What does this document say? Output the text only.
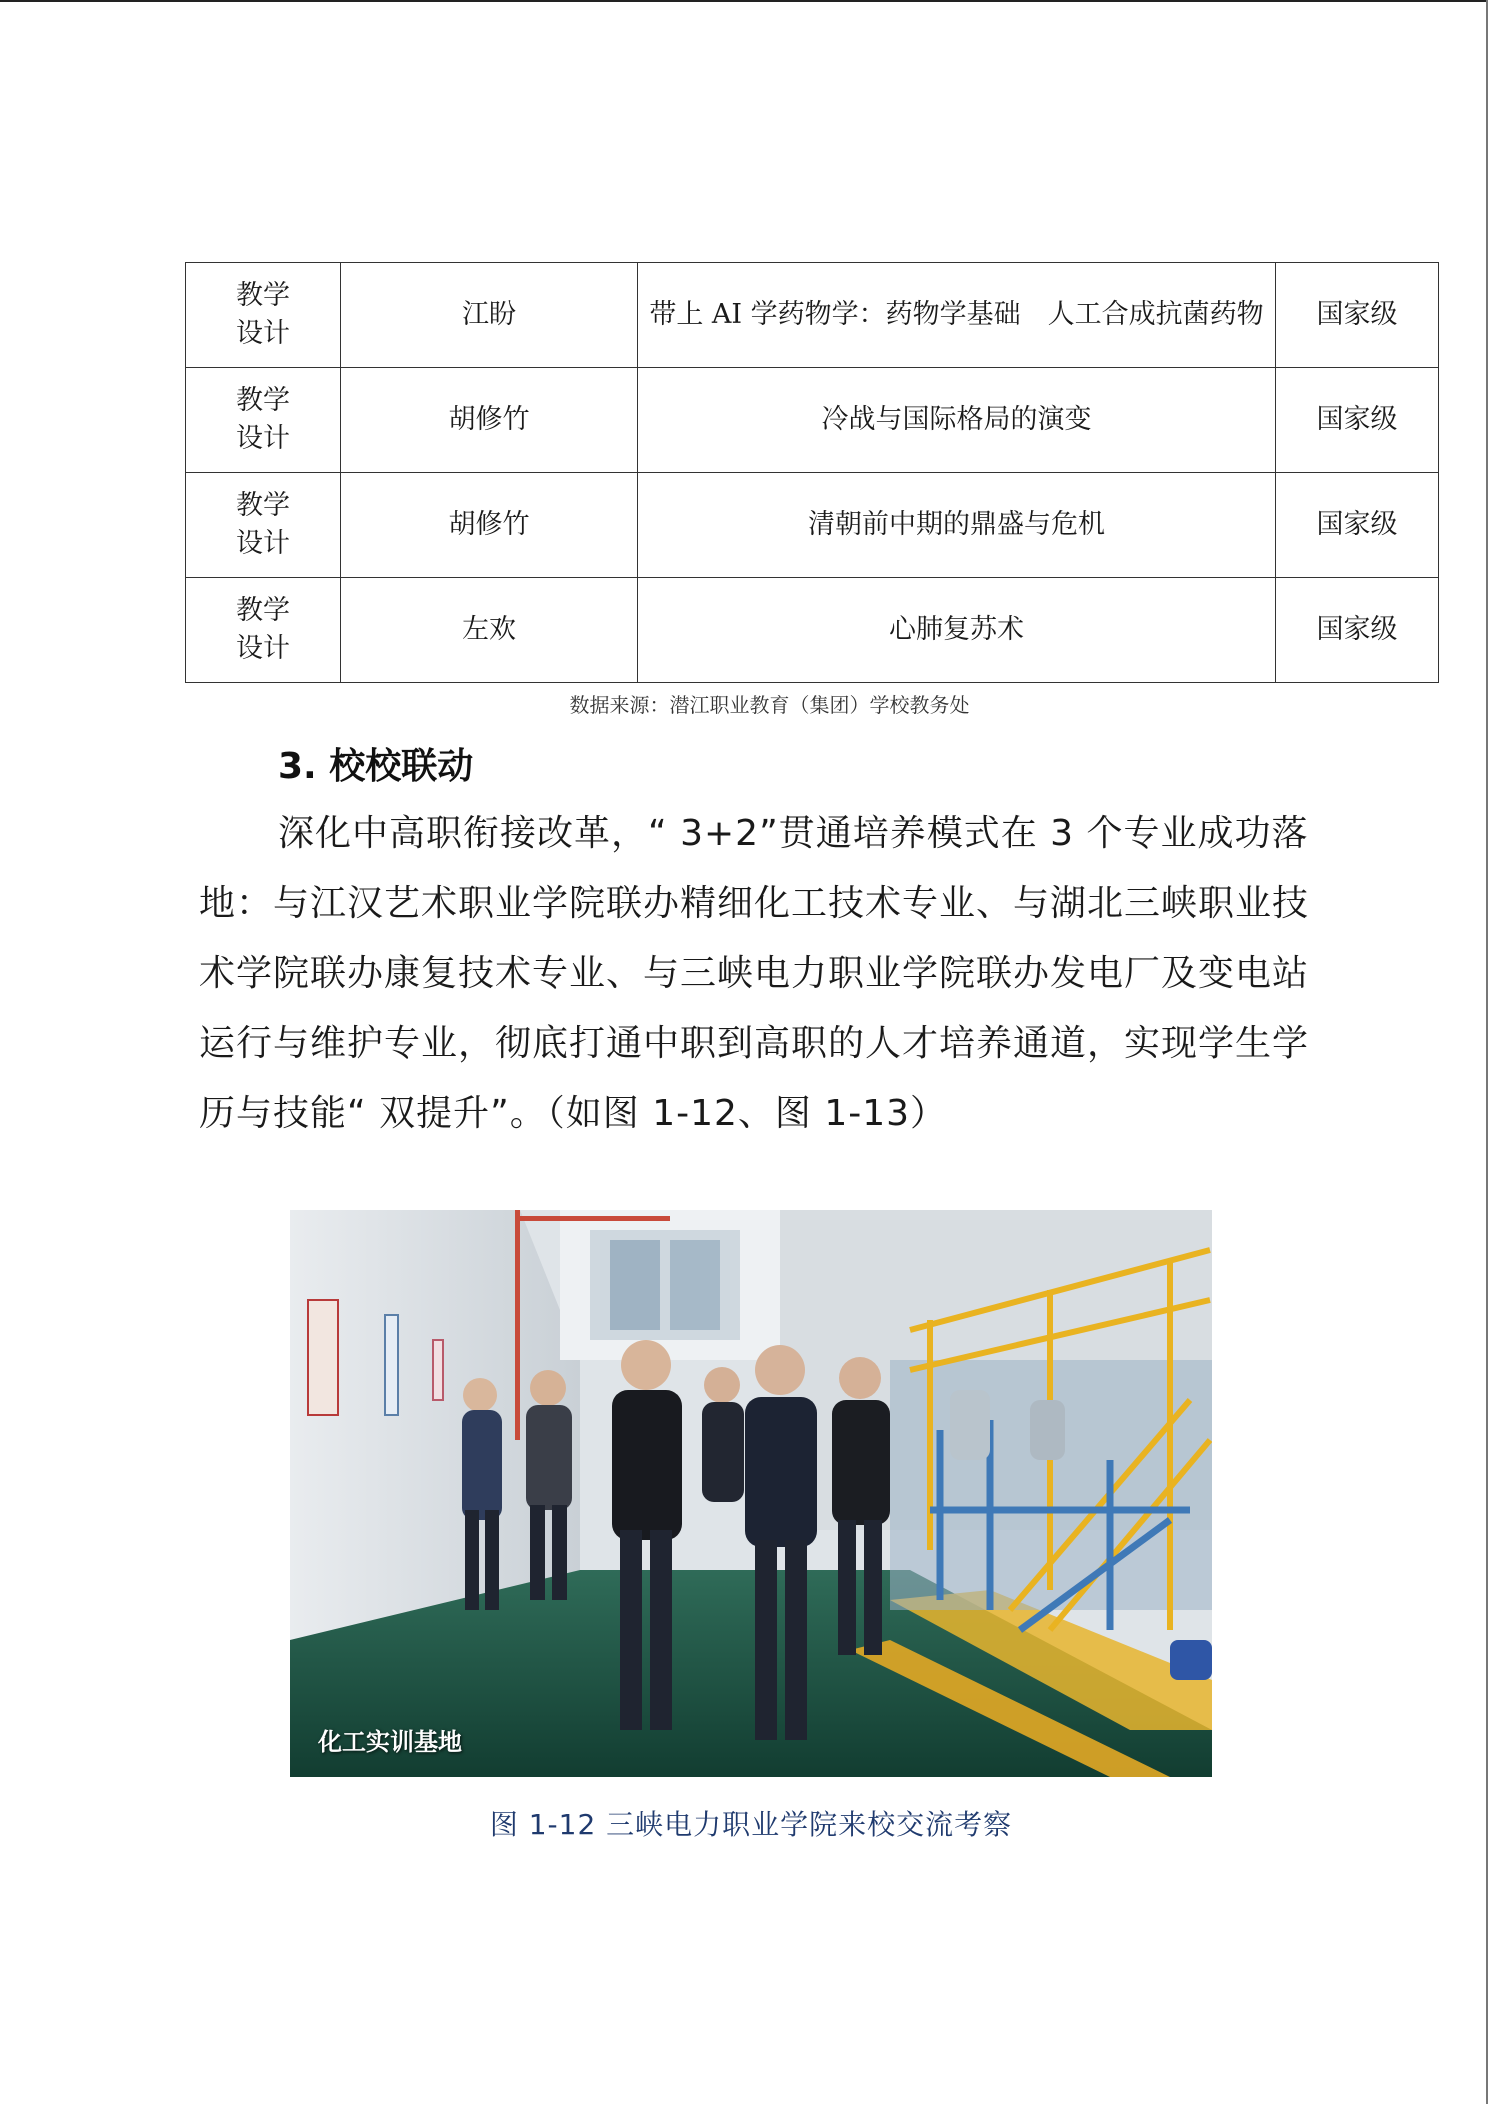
教学设计	江盼	带上 AI 学药物学：药物学基础　人工合成抗菌药物	国家级
教学设计	胡修竹	冷战与国际格局的演变	国家级
教学设计	胡修竹	清朝前中期的鼎盛与危机	国家级
教学设计	左欢	心肺复苏术	国家级
数据来源：潜江职业教育（集团）学校教务处
3. 校校联动
深化中高职衔接改革，“ 3+2”贯通培养模式在 3 个专业成功落地：与江汉艺术职业学院联办精细化工技术专业、与湖北三峡职业技术学院联办康复技术专业、与三峡电力职业学院联办发电厂及变电站运行与维护专业，彻底打通中职到高职的人才培养通道，实现学生学历与技能“ 双提升”。（如图 1-12、图 1-13）
化工实训基地
图 1-12 三峡电力职业学院来校交流考察
